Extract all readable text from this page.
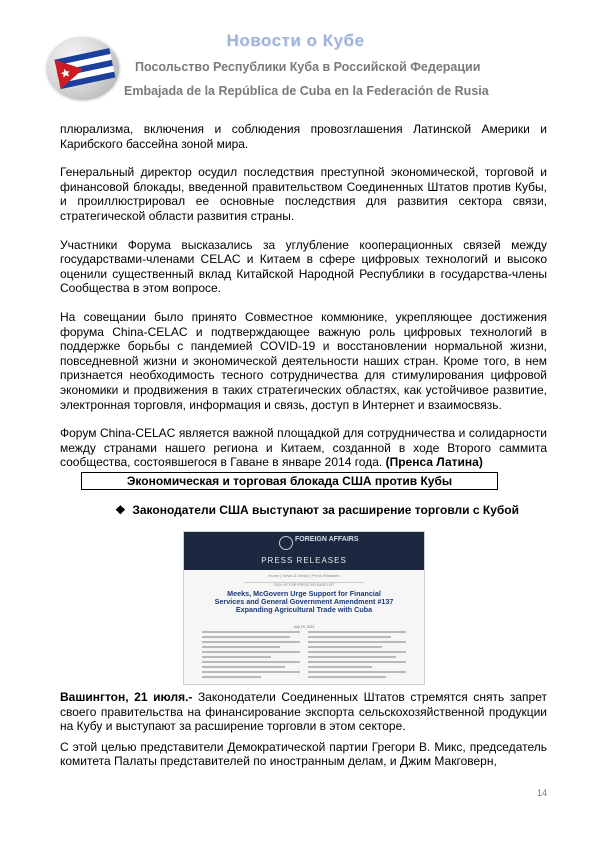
Новости о Кубе
Посольство Республики Куба в Российской Федерации
Embajada de la República de Cuba en la Federación de Rusia

плюрализма, включения и соблюдения провозглашения Латинской Америки и Карибского бассейна зоной мира.

Генеральный директор осудил последствия преступной экономической, торговой и финансовой блокады, введенной правительством Соединенных Штатов против Кубы, и проиллюстрировал ее основные последствия для развития сектора связи, стратегической области развития страны.

Участники Форума высказались за углубление кооперационных связей между государствами-членами CELAC и Китаем в сфере цифровых технологий и высоко оценили существенный вклад Китайской Народной Республики в государства-члены Сообщества в этом вопросе.

На совещании было принято Совместное коммюнике, укрепляющее достижения форума China-CELAC и подтверждающее важную роль цифровых технологий в поддержке борьбы с пандемией COVID-19 и восстановлении нормальной жизни, повседневной жизни и экономической деятельности наших стран. Кроме того, в нем признается необходимость тесного сотрудничества для стимулирования цифровой экономики и продвижения в таких стратегических областях, как устойчивое развитие, электронная торговля, информация и связь, доступ в Интернет и взаимосвязь.

Форум China-CELAC является важной площадкой для сотрудничества и солидарности между странами нашего региона и Китаем, созданной в ходе Второго саммита сообщества, состоявшегося в Гаване в январе 2014 года. (Пренса Латина)

Экономическая и торговая блокада США против Кубы
❖ Законодатели США выступают за расширение торговли с Кубой
FOREIGN AFFAIRS
PRESS RELEASES
Home | News & Media | Press Releases
SIGN UP FOR PRESS RELEASE LIST
Meeks, McGovern Urge Support for Financial Services and General Government Amendment #137 Expanding Agricultural Trade with Cuba
July 19, 2021

Вашингтон, 21 июля.- Законодатели Соединенных Штатов стремятся снять запрет своего правительства на финансирование экспорта сельскохозяйственной продукции на Кубу и выступают за расширение торговли в этом секторе.

С этой целью представители Демократической партии Грегори В. Микс, председатель комитета Палаты представителей по иностранным делам, и Джим Макговерн,

14
